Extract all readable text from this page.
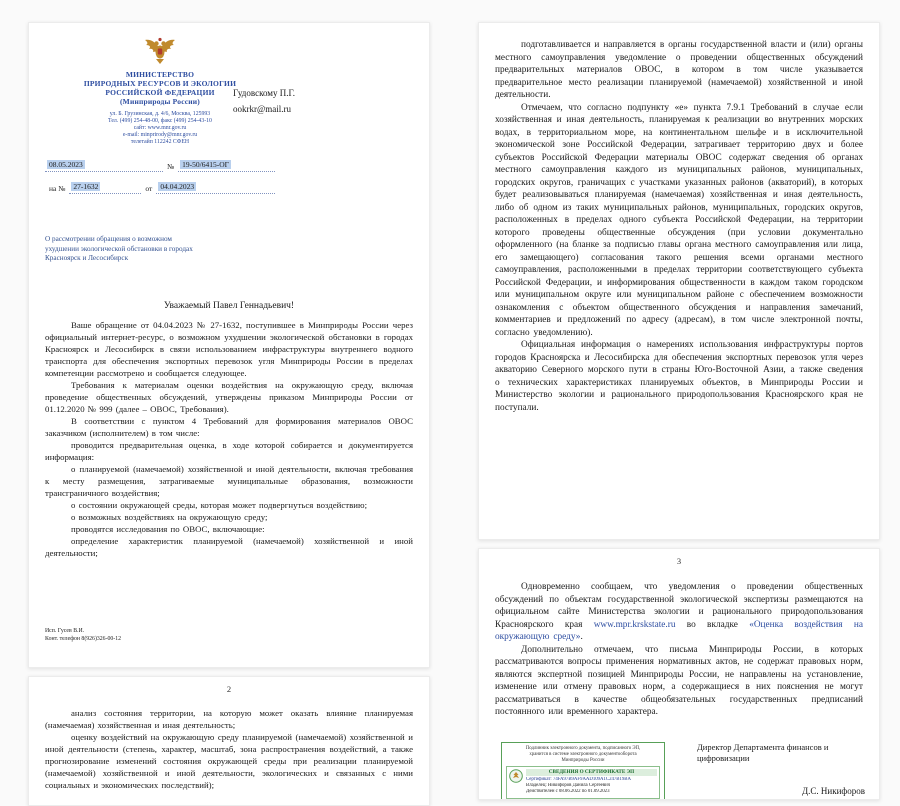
МИНИСТЕРСТВО
ПРИРОДНЫХ РЕСУРСОВ И ЭКОЛОГИИ
РОССИЙСКОЙ ФЕДЕРАЦИИ
(Минприроды России)
ул. Б. Грузинская, д. 4/6, Москва, 125993
Тел. (499) 254-48-00, факс (499) 254-43-10
сайт: www.mnr.gov.ru
e-mail: minprirody@mnr.gov.ru
телетайп 112242 СФЕН
08.05.2023	№	19-50/6415-ОГ
на №	27-1632	от	04.04.2023
О рассмотрении обращения о возможном ухудшении экологической обстановки в городах Красноярск и Лесосибирск
Гудовскому П.Г.
ookrkr@mail.ru
Уважаемый Павел Геннадьевич!

Ваше обращение от 04.04.2023 № 27-1632, поступившее в Минприроды России через официальный интернет-ресурс, о возможном ухудшении экологической обстановки в городах Красноярск и Лесосибирск в связи использованием инфраструктуры внутреннего водного транспорта для обеспечения экспортных перевозок угля Минприроды России в пределах компетенции рассмотрено и сообщается следующее.

Требования к материалам оценки воздействия на окружающую среду, включая проведение общественных обсуждений, утверждены приказом Минприроды России от 01.12.2020 № 999 (далее – ОВОС, Требования).

В соответствии с пунктом 4 Требований для формирования материалов ОВОС заказчиком (исполнителем) в том числе:

проводится предварительная оценка, в ходе которой собирается и документируется информация:

о планируемой (намечаемой) хозяйственной и иной деятельности, включая требования к месту размещения, затрагиваемые муниципальные образования, возможности трансграничного воздействия;

о состоянии окружающей среды, которая может подвергнуться воздействию;

о возможных воздействиях на окружающую среду;

проводятся исследования по ОВОС, включающие:

определение характеристик планируемой (намечаемой) хозяйственной и иной деятельности;

Исп. Гусев В.И.
Конт. телефон 8(926)326-00-12
2

анализ состояния территории, на которую может оказать влияние планируемая (намечаемая) хозяйственная и иная деятельность;

оценку воздействий на окружающую среду планируемой (намечаемой) хозяйственной и иной деятельности (степень, характер, масштаб, зона распространения воздействий, а также прогнозирование изменений состояния окружающей среды при реализации планируемой (намечаемой) хозяйственной и иной деятельности, экологических и связанных с ними социальных и экономических последствий);

подготавливается и направляется в органы государственной власти и (или) органы местного самоуправления уведомление о проведении общественных обсуждений предварительных материалов ОВОС, в котором в том числе указывается предварительное место реализации планируемой (намечаемой) хозяйственной и иной деятельности.

Отмечаем, что согласно подпункту «е» пункта 7.9.1 Требований в случае если хозяйственная и иная деятельность, планируемая к реализации во внутренних морских водах, в территориальном море, на континентальном шельфе и в исключительной экономической зоне Российской Федерации, затрагивает территорию двух и более субъектов Российской Федерации материалы ОВОС содержат сведения об органах местного самоуправления каждого из муниципальных районов, муниципальных, городских округов, граничащих с участками указанных районов (акваторий), в которых будет реализовываться планируемая (намечаемая) хозяйственная и иная деятельность, либо об одном из таких муниципальных районов, муниципальных, городских округов, расположенных в пределах одного субъекта Российской Федерации, на территории которого проведены общественные обсуждения (при условии документально оформленного (на бланке за подписью главы органа местного самоуправления или лица, его замещающего) согласования такого решения всеми органами местного самоуправления, расположенными в пределах территории соответствующего субъекта Российской Федерации, и информирования общественности в каждом таком городском или муниципальном округе или муниципальном районе с обеспечением возможности ознакомления с объектом общественного обсуждения и направления замечаний, комментариев и предложений по адресу (адресам), в том числе электронной почты, согласно уведомлению).

Официальная информация о намерениях использования инфраструктуры портов городов Красноярска и Лесосибирска для обеспечения экспортных перевозок угля через акваторию Северного морского пути в страны Юго-Восточной Азии, а также сведения о технических характеристиках планируемых объектов, в Минприроды России и Министерство экологии и рационального природопользования Красноярского края не поступали.

3

Одновременно сообщаем, что уведомления о проведении общественных обсуждений по объектам государственной экологической экспертизы размещаются на официальном сайте Министерства экологии и рационального природопользования Красноярского края www.mpr.krskstate.ru во вкладке «Оценка воздействия на окружающую среду».

Дополнительно отмечаем, что письма Минприроды России, в которых рассматриваются вопросы применения нормативных актов, не содержат правовых норм, являются экспертной позицией Минприроды России, не направлены на установление, изменение или отмену правовых норм, а содержащиеся в них пояснения не могут рассматриваться в качестве общеобязательных государственных предписаний постоянного или временного характера.

Подлинник электронного документа, подписанного ЭП,
хранится в системе электронного документооборота
Минприроды России
СВЕДЕНИЯ О СЕРТИФИКАТЕ ЭП
Сертификат: 74FA97B9AF9AAD109A1C247B19BA
Владелец: Никифоров Данила Сергеевич
Действителен с 08.06.2022 по 01.09.2023
Директор Департамента финансов и цифровизации
Д.С. Никифоров
